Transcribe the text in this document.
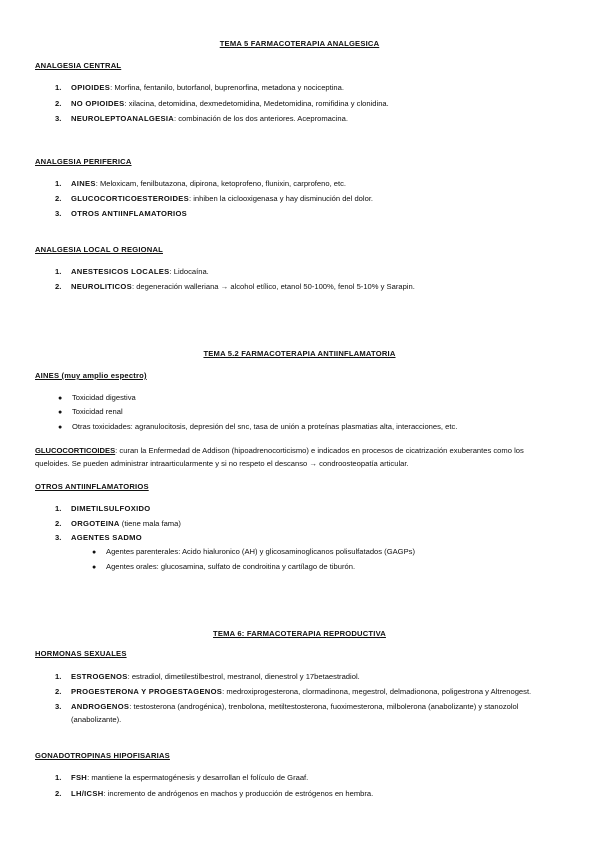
TEMA 5 FARMACOTERAPIA ANALGESICA
ANALGESIA CENTRAL
1. OPIOIDES: Morfina, fentanilo, butorfanol, buprenorfina, metadona y nociceptina.
2. NO OPIOIDES: xilacina, detomidina, dexmedetomidina, Medetomidina, romifidina y clonidina.
3. NEUROLEPTOANALGESIA: combinación de los dos anteriores. Acepromacina.
ANALGESIA PERIFERICA
1. AINES: Meloxicam, fenilbutazona, dipirona, ketoprofeno, flunixin, carprofeno, etc.
2. GLUCOCORTICOESTEROIDES: inhiben la ciclooxigenasa y hay disminución del dolor.
3. OTROS ANTIINFLAMATORIOS
ANALGESIA LOCAL O REGIONAL
1. ANESTESICOS LOCALES: Lidocaína.
2. NEUROLITICOS: degeneración walleriana → alcohol etílico, etanol 50-100%, fenol 5-10% y Sarapin.
TEMA 5.2 FARMACOTERAPIA ANTIINFLAMATORIA
AINES (muy amplio espectro)
● Toxicidad digestiva
● Toxicidad renal
● Otras toxicidades: agranulocitosis, depresión del snc, tasa de unión a proteínas plasmatias alta, interacciones, etc.
GLUCOCORTICOIDES: curan la Enfermedad de Addison (hipoadrenocorticismo) e indicados en procesos de cicatrización exuberantes como los
queloides. Se pueden administrar intraarticularmente y si no respeto el descanso → condroosteopatía articular.
OTROS ANTIINFLAMATORIOS
1. DIMETILSULFOXIDO
2. ORGOTEINA (tiene mala fama)
3. AGENTES SADMO
● Agentes parenterales: Acido hialuronico (AH) y glicosaminoglicanos polisulfatados (GAGPs)
● Agentes orales: glucosamina, sulfato de condroitina y cartílago de tiburón.
TEMA 6: FARMACOTERAPIA REPRODUCTIVA
HORMONAS SEXUALES
1. ESTROGENOS: estradiol, dimetilestilbestrol, mestranol, dienestrol y 17betaestradiol.
2. PROGESTERONA Y PROGESTAGENOS: medroxiprogesterona, clormadinona, megestrol, delmadionona, poligestrona y Altrenogest.
3. ANDROGENOS: testosterona (androgénica), trenbolona, metiltestosterona, fuoximesterona, milbolerona (anabolizante) y stanozolol
(anabolizante).
GONADOTROPINAS HIPOFISARIAS
1. FSH: mantiene la espermatogénesis y desarrollan el folículo de Graaf.
2. LH/ICSH: incremento de andrógenos en machos y producción de estrógenos en hembra.
